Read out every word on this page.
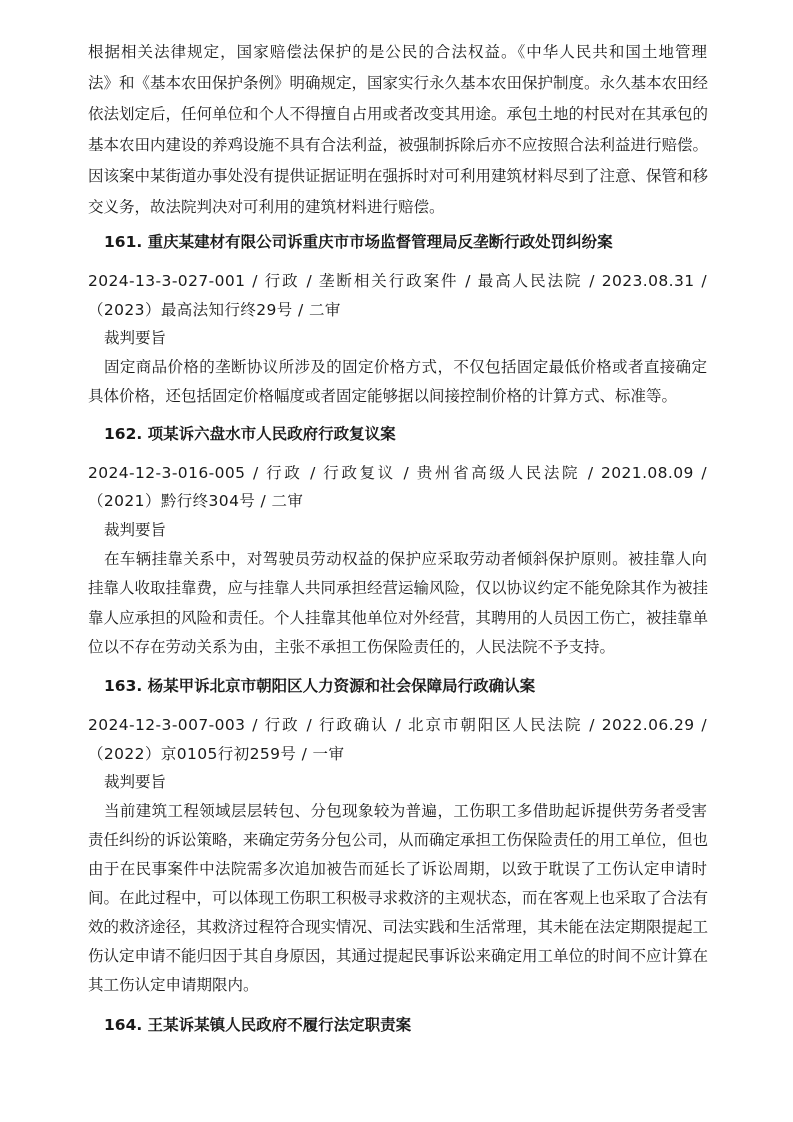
根据相关法律规定，国家赔偿法保护的是公民的合法权益。《中华人民共和国土地管理
法》和《基本农田保护条例》明确规定，国家实行永久基本农田保护制度。永久基本农田经
依法划定后，任何单位和个人不得擅自占用或者改变其用途。承包土地的村民对在其承包的
基本农田内建设的养鸡设施不具有合法利益，被强制拆除后亦不应按照合法利益进行赔偿。
因该案中某街道办事处没有提供证据证明在强拆时对可利用建筑材料尽到了注意、保管和移
交义务，故法院判决对可利用的建筑材料进行赔偿。
161. 重庆某建材有限公司诉重庆市市场监督管理局反垄断行政处罚纠纷案
2024-13-3-027-001 / 行政 / 垄断相关行政案件 / 最高人民法院 / 2023.08.31 /
（2023）最高法知行终29号 / 二审
裁判要旨
固定商品价格的垄断协议所涉及的固定价格方式，不仅包括固定最低价格或者直接确定
具体价格，还包括固定价格幅度或者固定能够据以间接控制价格的计算方式、标准等。
162. 项某诉六盘水市人民政府行政复议案
2024-12-3-016-005 / 行政 / 行政复议 / 贵州省高级人民法院 / 2021.08.09 /
（2021）黔行终304号 / 二审
裁判要旨
在车辆挂靠关系中，对驾驶员劳动权益的保护应采取劳动者倾斜保护原则。被挂靠人向
挂靠人收取挂靠费，应与挂靠人共同承担经营运输风险，仅以协议约定不能免除其作为被挂
靠人应承担的风险和责任。个人挂靠其他单位对外经营，其聘用的人员因工伤亡，被挂靠单
位以不存在劳动关系为由，主张不承担工伤保险责任的，人民法院不予支持。
163. 杨某甲诉北京市朝阳区人力资源和社会保障局行政确认案
2024-12-3-007-003 / 行政 / 行政确认 / 北京市朝阳区人民法院 / 2022.06.29 /
（2022）京0105行初259号 / 一审
裁判要旨
当前建筑工程领域层层转包、分包现象较为普遍，工伤职工多借助起诉提供劳务者受害
责任纠纷的诉讼策略，来确定劳务分包公司，从而确定承担工伤保险责任的用工单位，但也
由于在民事案件中法院需多次追加被告而延长了诉讼周期，以致于耽误了工伤认定申请时
间。在此过程中，可以体现工伤职工积极寻求救济的主观状态，而在客观上也采取了合法有
效的救济途径，其救济过程符合现实情况、司法实践和生活常理，其未能在法定期限提起工
伤认定申请不能归因于其自身原因，其通过提起民事诉讼来确定用工单位的时间不应计算在
其工伤认定申请期限内。
164. 王某诉某镇人民政府不履行法定职责案
